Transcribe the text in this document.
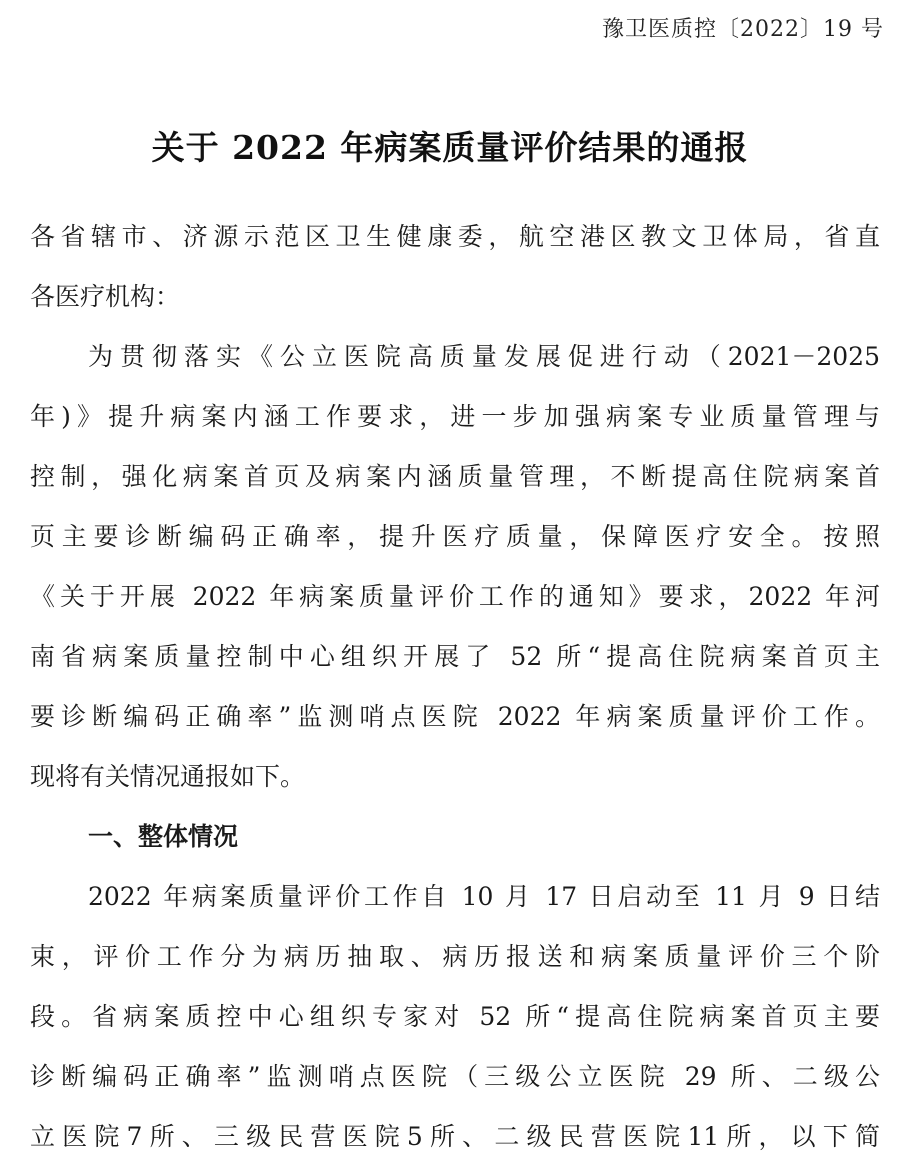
豫卫医质控〔2022〕19 号
关于 2022 年病案质量评价结果的通报
各省辖市、济源示范区卫生健康委，航空港区教文卫体局，省直
各医疗机构：
为贯彻落实《公立医院高质量发展促进行动（2021－2025
年)》提升病案内涵工作要求，进一步加强病案专业质量管理与
控制，强化病案首页及病案内涵质量管理，不断提高住院病案首
页主要诊断编码正确率，提升医疗质量，保障医疗安全。按照
《关于开展 2022 年病案质量评价工作的通知》要求，2022 年河
南省病案质量控制中心组织开展了 52 所“提高住院病案首页主
要诊断编码正确率”监测哨点医院 2022 年病案质量评价工作。
现将有关情况通报如下。
一、整体情况
2022 年病案质量评价工作自 10 月 17 日启动至 11 月 9 日结
束，评价工作分为病历抽取、病历报送和病案质量评价三个阶
段。省病案质控中心组织专家对 52 所“提高住院病案首页主要
诊断编码正确率”监测哨点医院（三级公立医院 29 所、二级公
立医院7所、三级民营医院5所、二级民营医院11所，以下简
